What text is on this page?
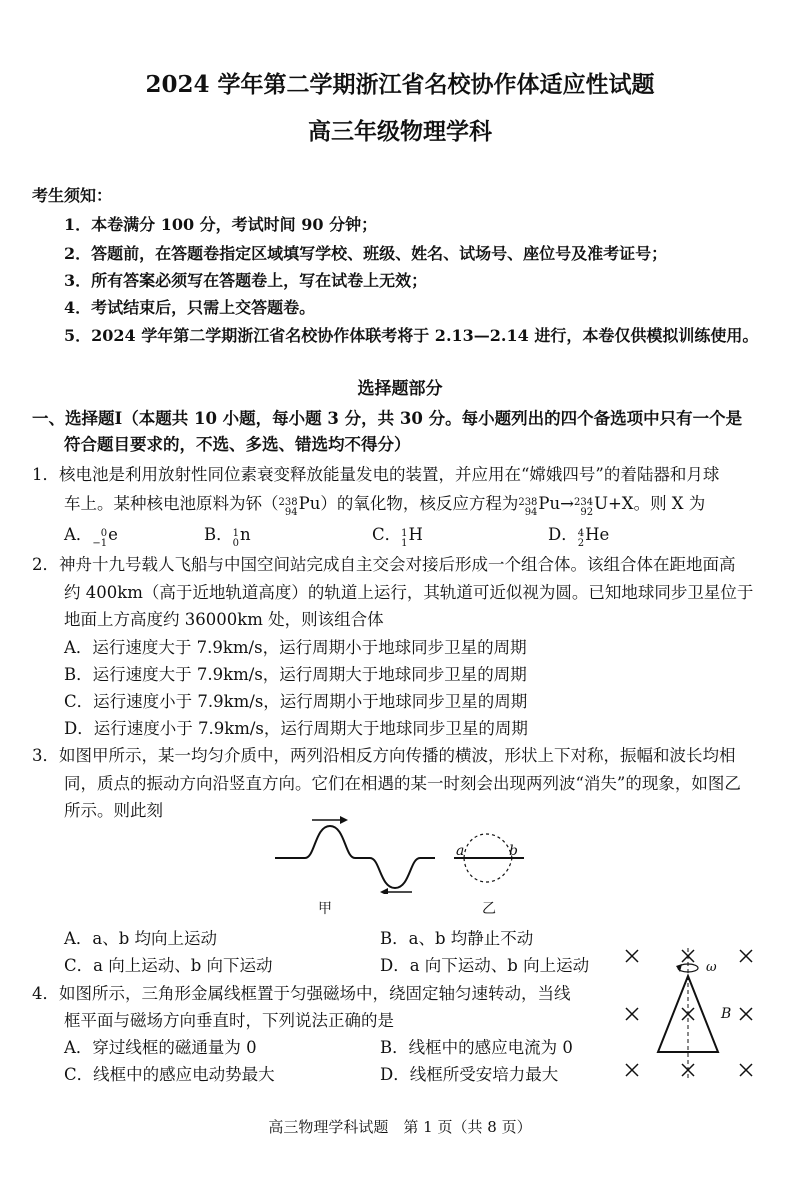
2024 学年第二学期浙江省名校协作体适应性试题
高三年级物理学科
考生须知：
1．本卷满分 100 分，考试时间 90 分钟；
2．答题前，在答题卷指定区域填写学校、班级、姓名、试场号、座位号及准考证号；
3．所有答案必须写在答题卷上，写在试卷上无效；
4．考试结束后，只需上交答题卷。
5．2024 学年第二学期浙江省名校协作体联考将于 2.13—2.14 进行，本卷仅供模拟训练使用。
选择题部分
一、选择题Ⅰ（本题共 10 小题，每小题 3 分，共 30 分。每小题列出的四个备选项中只有一个是
符合题目要求的，不选、多选、错选均不得分）
1．核电池是利用放射性同位素衰变释放能量发电的装置，并应用在“嫦娥四号”的着陆器和月球
车上。某种核电池原料为钚（ 238
94 Pu）的氧化物，核反应方程为 238
94 Pu→ 234
92 U+X。则 X 为
A． 0
−1 e	B． 1
0 n	C． 1
1 H	D． 4
2 He
2．神舟十九号载人飞船与中国空间站完成自主交会对接后形成一个组合体。该组合体在距地面高
约 400km（高于近地轨道高度）的轨道上运行，其轨道可近似视为圆。已知地球同步卫星位于
地面上方高度约 36000km 处，则该组合体
A．运行速度大于 7.9km/s，运行周期小于地球同步卫星的周期
B．运行速度大于 7.9km/s，运行周期大于地球同步卫星的周期
C．运行速度小于 7.9km/s，运行周期小于地球同步卫星的周期
D．运行速度小于 7.9km/s，运行周期大于地球同步卫星的周期
3．如图甲所示，某一均匀介质中，两列沿相反方向传播的横波，形状上下对称，振幅和波长均相
同，质点的振动方向沿竖直方向。它们在相遇的某一时刻会出现两列波“消失”的现象，如图乙
所示。则此刻
甲
a	b
乙
A．a、b 均向上运动	B．a、b 均静止不动
C．a 向上运动、b 向下运动	D．a 向下运动、b 向上运动
4．如图所示，三角形金属线框置于匀强磁场中，绕固定轴匀速转动，当线
框平面与磁场方向垂直时，下列说法正确的是
A．穿过线框的磁通量为 0	B．线框中的感应电流为 0
C．线框中的感应电动势最大	D．线框所受安培力最大
ω
B
高三物理学科试题　第 1 页（共 8 页）
